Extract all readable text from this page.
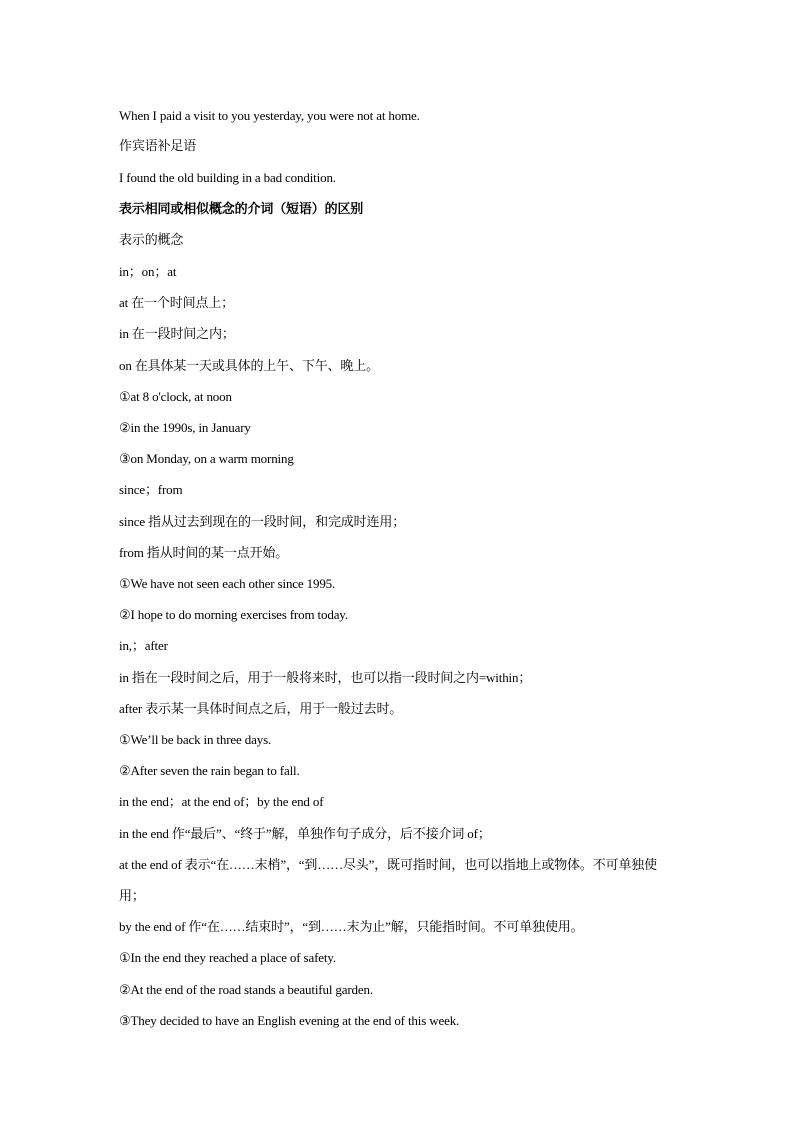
When I paid a visit to you yesterday, you were not at home.
作宾语补足语
I found the old building in a bad condition.
表示相同或相似概念的介词（短语）的区别
表示的概念
in；on；at
at 在一个时间点上；
in 在一段时间之内；
on 在具体某一天或具体的上午、下午、晚上。
①at 8 o'clock, at noon
②in the 1990s, in January
③on Monday, on a warm morning
since；from
since 指从过去到现在的一段时间，和完成时连用；
from 指从时间的某一点开始。
①We have not seen each other since 1995.
②I hope to do morning exercises from today.
in,；after
in 指在一段时间之后，用于一般将来时，也可以指一段时间之内=within；
after 表示某一具体时间点之后，用于一般过去时。
①We’ll be back in three days.
②After seven the rain began to fall.
in the end；at the end of；by the end of
in the end 作“最后”、“终于”解，单独作句子成分，后不接介词 of；
at the end of 表示“在……末梢”，“到……尽头”，既可指时间，也可以指地上或物体。不可单独使用；
by the end of 作“在……结束时”，“到……末为止”解，只能指时间。不可单独使用。
①In the end they reached a place of safety.
②At the end of the road stands a beautiful garden.
③They decided to have an English evening at the end of this week.
